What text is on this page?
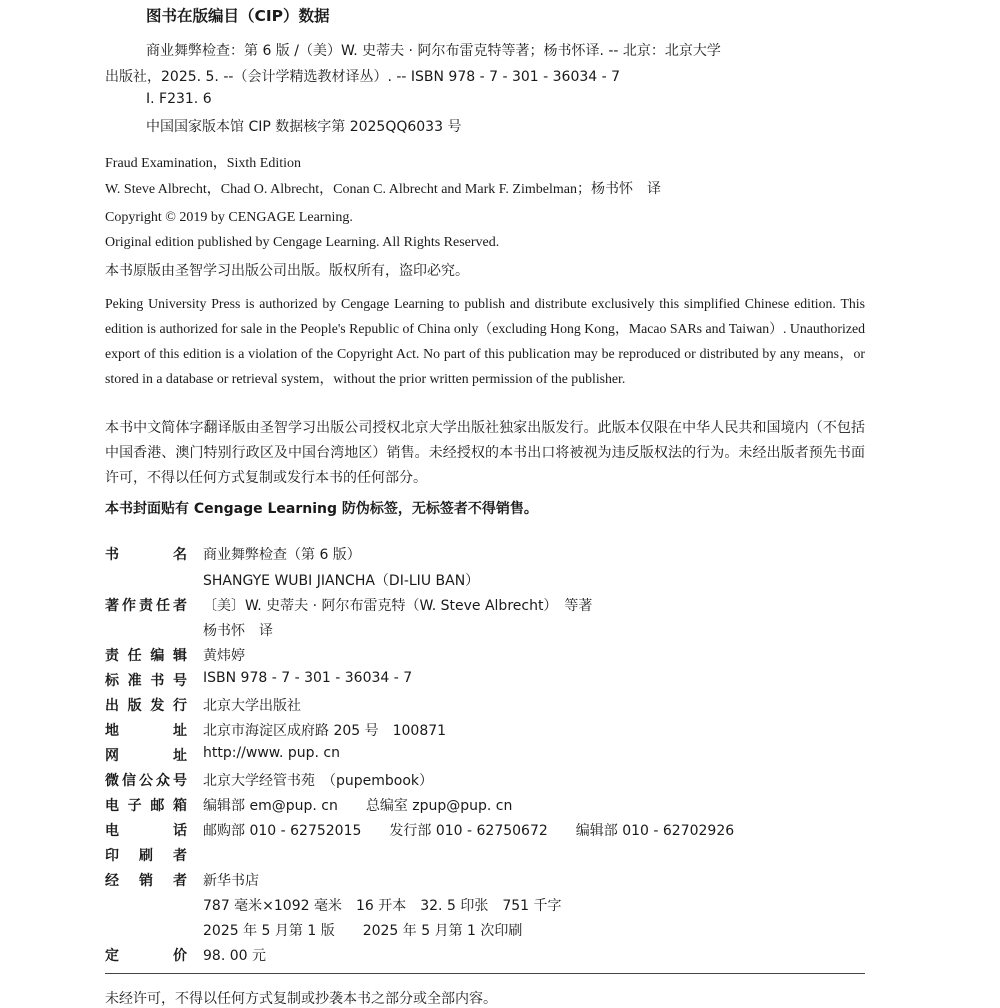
图书在版编目（CIP）数据
商业舞弊检查：第 6 版 /（美）W. 史蒂夫 · 阿尔布雷克特等著；杨书怀译. -- 北京：北京大学
出版社，2025. 5. --（会计学精选教材译丛）. -- ISBN 978 - 7 - 301 - 36034 - 7
Ⅰ. F231. 6
中国国家版本馆 CIP 数据核字第 2025QQ6033 号
Fraud Examination，Sixth Edition
W. Steve Albrecht，Chad O. Albrecht，Conan C. Albrecht and Mark F. Zimbelman；杨书怀　译
Copyright © 2019 by CENGAGE Learning.
Original edition published by Cengage Learning. All Rights Reserved.
本书原版由圣智学习出版公司出版。版权所有，盗印必究。
Peking University Press is authorized by Cengage Learning to publish and distribute exclusively this simplified Chinese edition. This edition is authorized for sale in the People's Republic of China only（excluding Hong Kong，Macao SARs and Taiwan）. Unauthorized export of this edition is a violation of the Copyright Act. No part of this publication may be reproduced or distributed by any means，or stored in a database or retrieval system，without the prior written permission of the publisher.
本书中文简体字翻译版由圣智学习出版公司授权北京大学出版社独家出版发行。此版本仅限在中华人民共和国境内（不包括中国香港、澳门特别行政区及中国台湾地区）销售。未经授权的本书出口将被视为违反版权法的行为。未经出版者预先书面许可，不得以任何方式复制或发行本书的任何部分。
本书封面贴有 Cengage Learning 防伪标签，无标签者不得销售。
书	名 商业舞弊检查（第 6 版）
SHANGYE WUBI JIANCHA（DI-LIU BAN）
著 作 责 任 者 〔美〕W. 史蒂夫 · 阿尔布雷克特（W. Steve Albrecht）　等著
杨书怀　译
责 任 编 辑 黄炜婷
标 准 书 号 ISBN 978 - 7 - 301 - 36034 - 7
出 版 发 行 北京大学出版社
地	址 北京市海淀区成府路 205 号　100871
网	址 http://www. pup. cn
微 信 公 众 号 北京大学经管书苑　（pupembook）
电 子 邮 箱 编辑部 em@pup. cn　　总编室 zpup@pup. cn
电	话 邮购部 010 - 62752015　　发行部 010 - 62750672　　编辑部 010 - 62702926
印 刷 者
经 销 者 新华书店
787 毫米×1092 毫米　16 开本　32. 5 印张　751 千字
2025 年 5 月第 1 版　　2025 年 5 月第 1 次印刷
定	价 98. 00 元
未经许可，不得以任何方式复制或抄袭本书之部分或全部内容。
